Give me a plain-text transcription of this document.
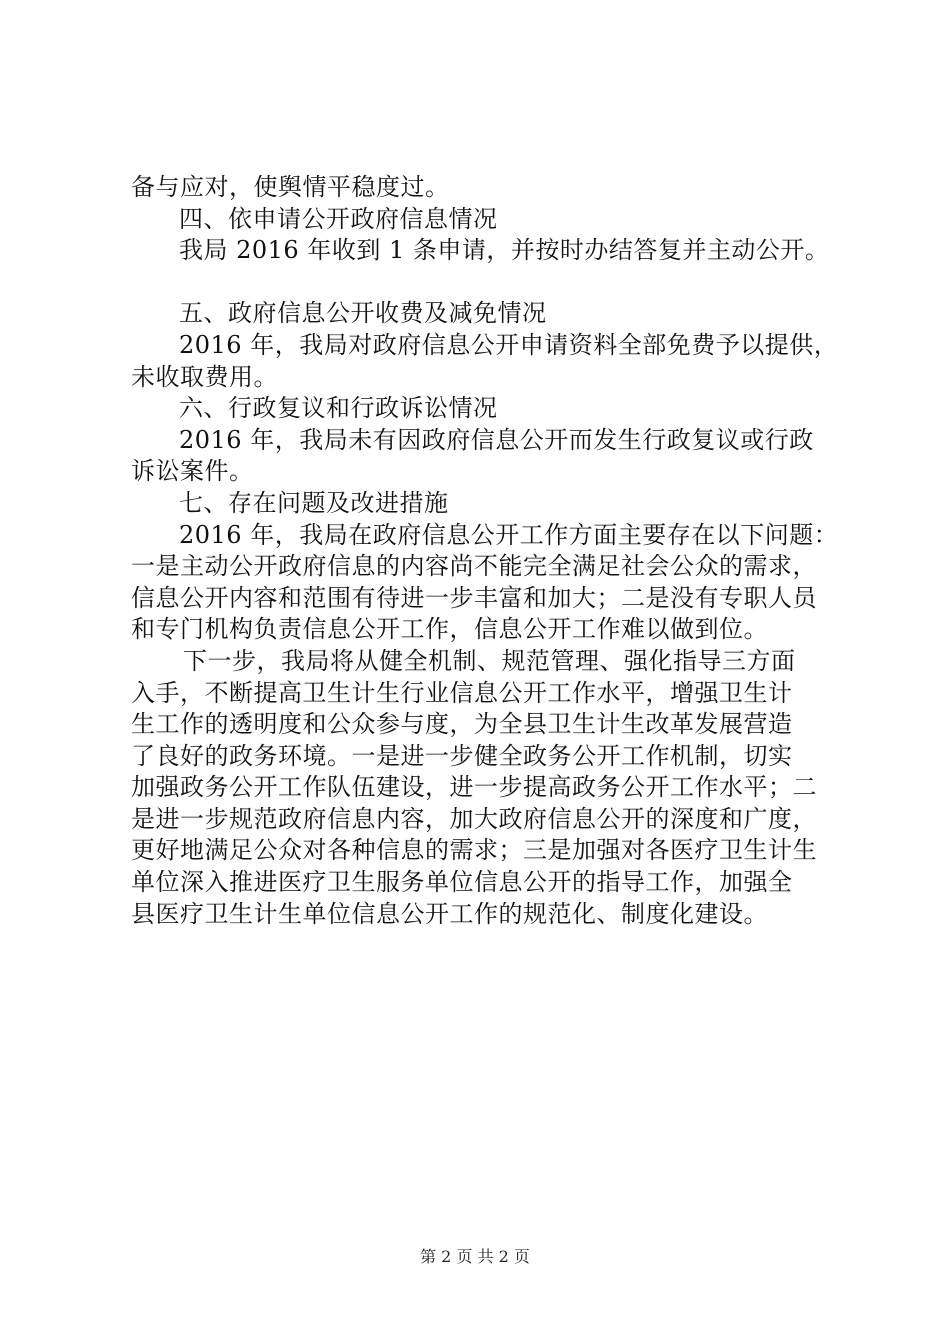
备与应对，使舆情平稳度过。
四、依申请公开政府信息情况
我局 2016 年收到 1 条申请，并按时办结答复并主动公开。
五、政府信息公开收费及减免情况
2016 年，我局对政府信息公开申请资料全部免费予以提供，
未收取费用。
六、行政复议和行政诉讼情况
2016 年，我局未有因政府信息公开而发生行政复议或行政
诉讼案件。
七、存在问题及改进措施
2016 年，我局在政府信息公开工作方面主要存在以下问题：
一是主动公开政府信息的内容尚不能完全满足社会公众的需求，
信息公开内容和范围有待进一步丰富和加大；二是没有专职人员
和专门机构负责信息公开工作，信息公开工作难以做到位。
下一步，我局将从健全机制、规范管理、强化指导三方面
入手，不断提高卫生计生行业信息公开工作水平，增强卫生计
生工作的透明度和公众参与度，为全县卫生计生改革发展营造
了良好的政务环境。一是进一步健全政务公开工作机制，切实
加强政务公开工作队伍建设，进一步提高政务公开工作水平；二
是进一步规范政府信息内容，加大政府信息公开的深度和广度，
更好地满足公众对各种信息的需求；三是加强对各医疗卫生计生
单位深入推进医疗卫生服务单位信息公开的指导工作，加强全
县医疗卫生计生单位信息公开工作的规范化、制度化建设。
第 2 页 共 2 页
